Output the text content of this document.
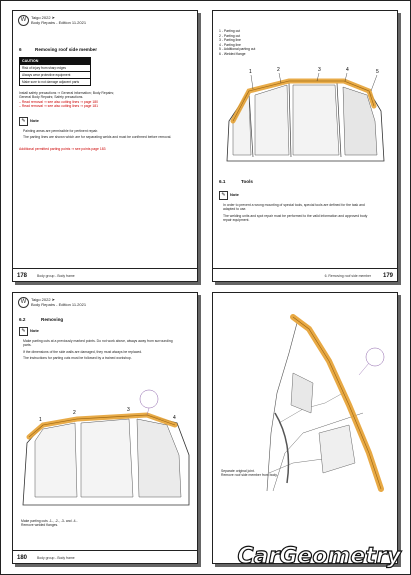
W	Taigo 2022 ➤
Body Repairs - Edition 11.2021
6	Removing roof side member
CAUTION
Risk of injury from sharp edges
Always wear protective equipment
Make sure to not damage adjacent parts
Install safety precautions ⇒ General information; Body Repairs;
General Body Repairs; Safety precautions.
– Read removal ⇒ see also cutting lines ⇒ page 180
– Read removal ⇒ see also cutting lines ⇒ page 181
✎	Note
Painting areas are permissible for pertinent repair.
The parting lines are shown which are for separating welds and must be confirmed before removal.
Additional permitted parting points ⇒ see points page 183
178	Body group - Body frame
1 - Parting cut
2 - Parting cut
3 - Parting line
4 - Parting line
5 - Additional parting cut
6 - Welded flange
1	2	3	4	5
6.1	Tools
✎	Note
In order to prevent a wrong mounting of special tools, special tools are defined for the task and adapted to use.
The welding units and spot repair must be performed to the valid information and approved body repair equipment.
6. Removing roof side member 179
W	Taigo 2022 ➤
Body Repairs - Edition 11.2021
6.2	Removing
✎	Note
Make parting cuts at a previously marked points. Do not work above, always away from surrounding parts.
If the dimensions of the side walls are damaged, they must always be replaced.
The instructions for parting cuts must be followed by a trained workshop.
1
2	3
4
Make parting cuts -1-, -2-, -3- and -4-.
Remove welded flanges.
180	Body group - Body frame
Separate original joint.
Remove roof side member from body.
CarGeometry
